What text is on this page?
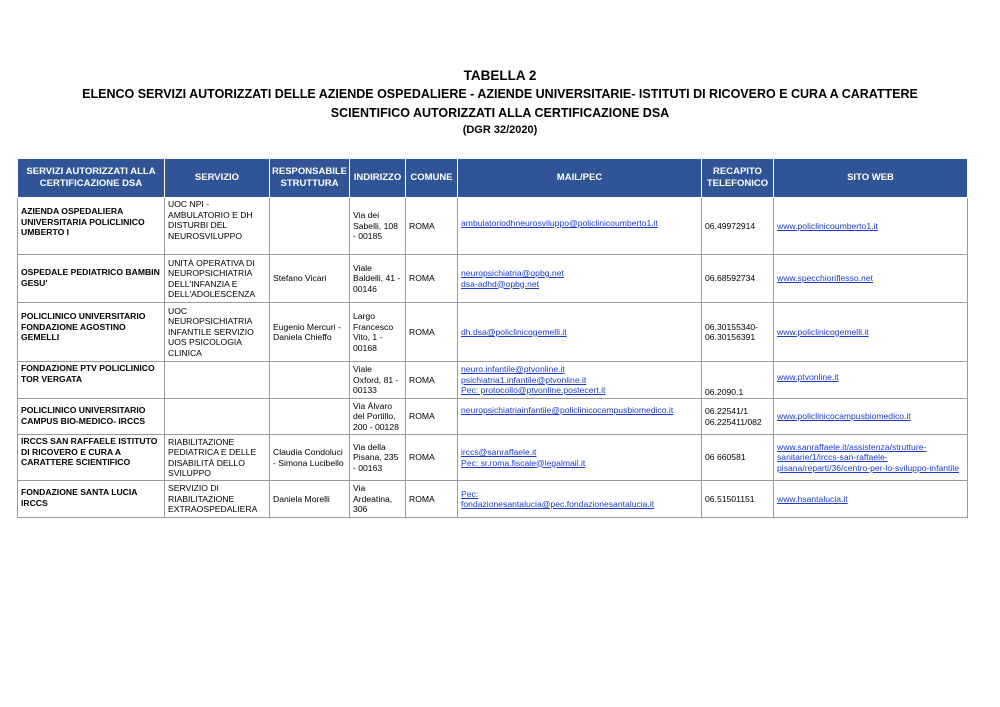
TABELLA 2
ELENCO SERVIZI AUTORIZZATI DELLE AZIENDE OSPEDALIERE - AZIENDE UNIVERSITARIE- ISTITUTI DI RICOVERO E CURA A CARATTERE
SCIENTIFICO AUTORIZZATI ALLA CERTIFICAZIONE DSA
(DGR 32/2020)
SERVIZI AUTORIZZATI ALLA CERTIFICAZIONE DSA	SERVIZIO	RESPONSABILE STRUTTURA	INDIRIZZO	COMUNE	MAIL/PEC	RECAPITO TELEFONICO	SITO WEB
AZIENDA OSPEDALIERA UNIVERSITARIA POLICLINICO UMBERTO I	UOC NPI - AMBULATORIO E DH DISTURBI DEL NEUROSVILUPPO		Via dei Sabelli, 108 - 00185	ROMA	ambulatoriodhneurosviluppo@policlinicoumberto1.it	06.49972914	www.policlinicoumberto1.it

OSPEDALE PEDIATRICO BAMBIN GESU'	UNITÀ OPERATIVA DI NEUROPSICHIATRIA DELL'INFANZIA E DELL'ADOLESCENZA	Stefano Vicari	Viale Baldelli, 41 - 00146	ROMA	neuropsichiatria@opbg.net
dsa-adhd@opbg.net	06.68592734	www.specchioriflesso.net

POLICLINICO UNIVERSITARIO FONDAZIONE AGOSTINO GEMELLI	UOC NEUROPSICHIATRIA INFANTILE SERVIZIO UOS PSICOLOGIA CLINICA	Eugenio Mercuri - Daniela Chieffo	Largo Francesco Vito, 1 - 00168	ROMA	dh.dsa@policlinicogemelli.it	06.30155340-06.30156391	www.policlinicogemelli.it

FONDAZIONE PTV POLICLINICO TOR VERGATA			Viale Oxford, 81 - 00133	ROMA	neuro.infantile@ptvonline.it
psichiatria1.infantile@ptvonline.it
Pec: protocollo@ptvonline.postecert.it	06.2090.1	www.ptvonline.it

POLICLINICO UNIVERSITARIO CAMPUS BIO-MEDICO- IRCCS			Via Álvaro del Portillo, 200 - 00128	ROMA	neuropsichiatriainfantile@policlinicocampusbiomedico.it	06.22541/1 06.225411/082	www.policlinicocampusbiomedico.it

IRCCS SAN RAFFAELE ISTITUTO DI RICOVERO E CURA A CARATTERE SCIENTIFICO	RIABILITAZIONE PEDIATRICA E DELLE DISABILITÀ DELLO SVILUPPO	Claudia Condoluci - Simona Lucibello	Via della Pisana, 235 - 00163	ROMA	irccs@sanraffaele.it
Pec: sr.roma.fiscale@legalmail.it	06 660581	www.sanraffaele.it/assistenza/strutture-sanitarie/1/irccs-san-raffaele-pisana/reparti/36/centro-per-lo-sviluppo-infantile

FONDAZIONE SANTA LUCIA IRCCS	SERVIZIO DI RIABILITAZIONE EXTRAOSPEDALIERA	Daniela Morelli	Via Ardeatina, 306	ROMA	Pec:
fondazionesantalucia@pec.fondazionesantalucia.it	06.51501151	www.hsantalucia.it
